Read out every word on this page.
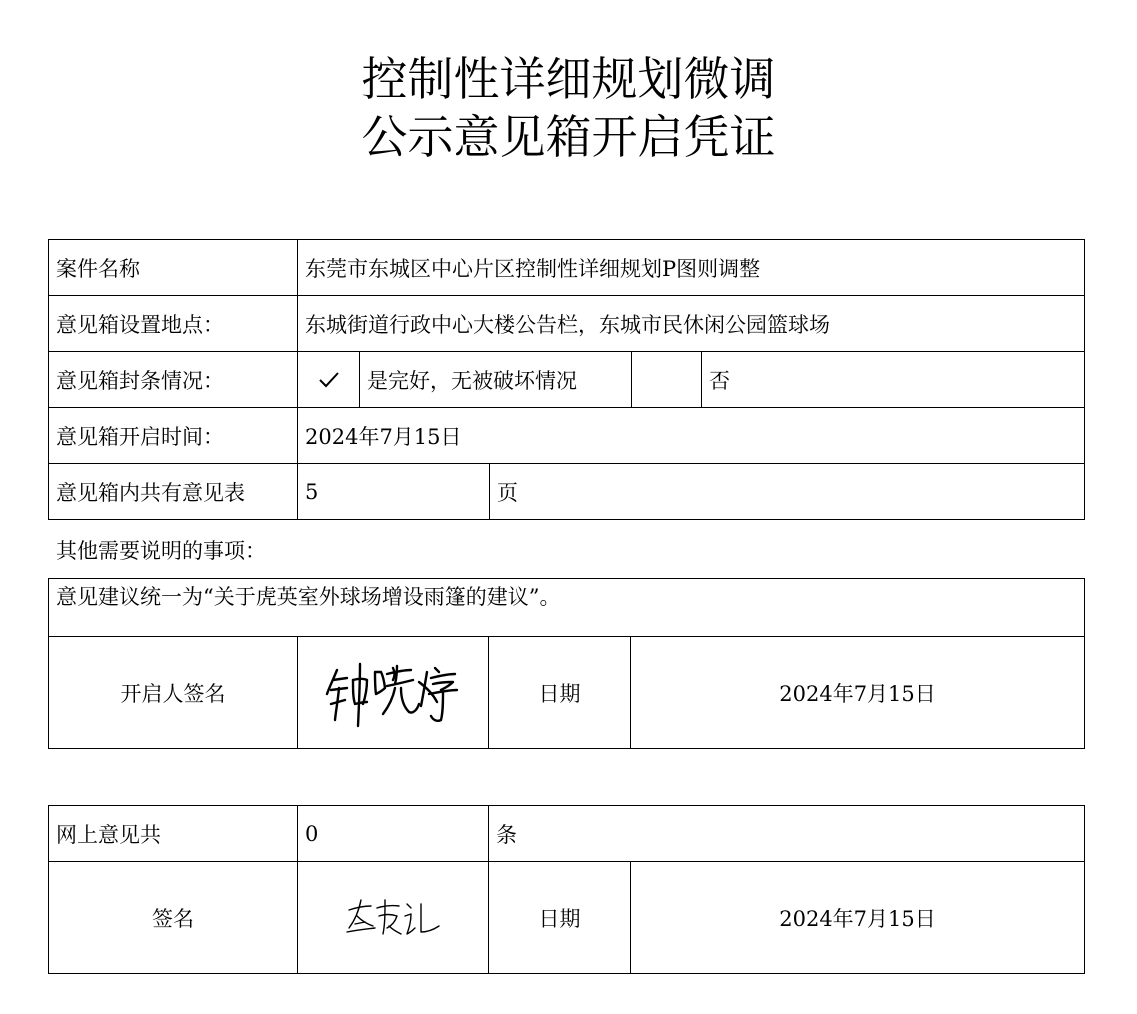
控制性详细规划微调
公示意见箱开启凭证
案件名称	东莞市东城区中心片区控制性详细规划P图则调整				
意见箱设置地点：	东城街道行政中心大楼公告栏，东城市民休闲公园篮球场				
意见箱封条情况：		是完好，无被破坏情况			否
意见箱开启时间：	2024年7月15日				
意见箱内共有意见表	5		页		
其他需要说明的事项：
意见建议统一为“关于虎英室外球场增设雨篷的建议”。
开启人签名		日期	2024年7月15日
网上意见共	0	条	
签名		日期	2024年7月15日
